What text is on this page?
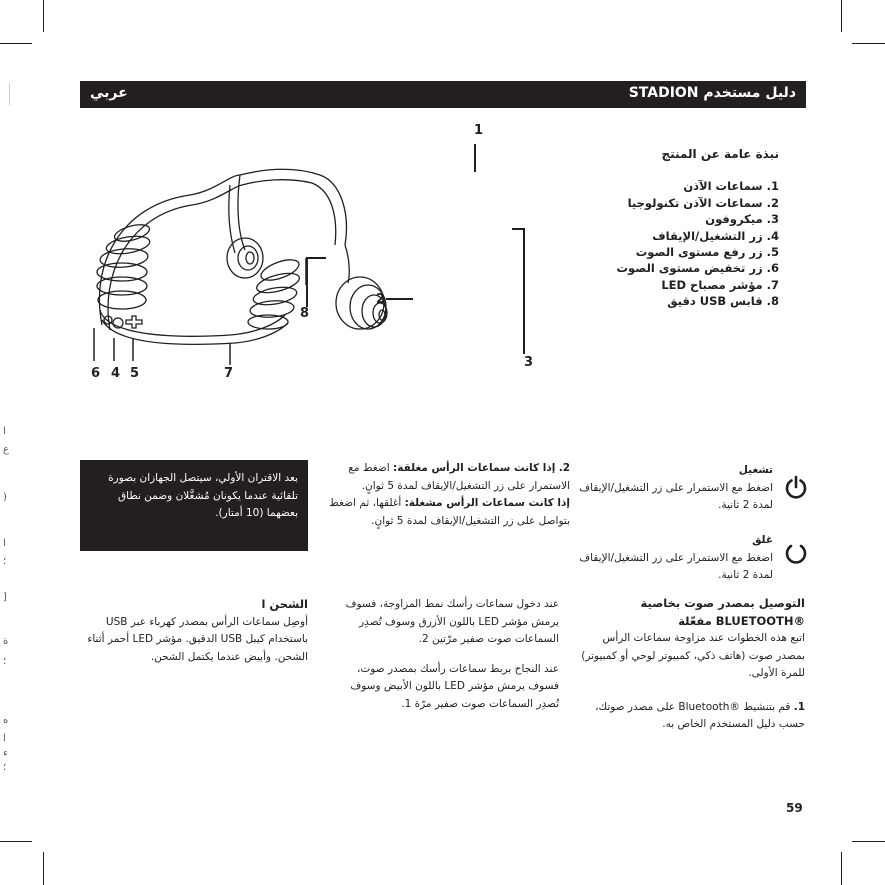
ا
ع
)
ا
؛
]
ة
؛
ه
ا
ء
؛
عربي	دليل مستخدم STADION
1
2
3
4 5
6	7
8
نبذة عامة عن المنتج
1. سماعات الآذن
2. سماعات الآذن تكنولوجيا
3. ميكروفون
4. زر التشغيل/الإيقاف
5. زر رفع مستوى الصوت
6. زر تخفيض مستوى الصوت
7. مؤشر مصباح LED
8. قابس USB دقيق

بعد الاقتران الأولي، سيتصل الجهازان بصورة تلقائية عندما يكونان مُشغَّلان وضمن نطاق بعضهما (10 أمتار).

تشغيل
اضغط مع الاستمرار على زر التشغيل/الإيقاف لمدة 2 ثانية.
غلق
اضغط مع الاستمرار على زر التشغيل/الإيقاف لمدة 2 ثانية.
التوصيل بمصدر صوت بخاصية
®BLUETOOTH مفعّلة
اتبع هذه الخطوات عند مزاوجة سماعات الرأس بمصدر صوت (هاتف ذكي، كمبيوتر لوحي أو كمبيوتر) للمرة الأولى.
1. قم بتنشيط ®Bluetooth على مصدر صوتك، حسب دليل المستخدم الخاص به.
2. إذا كانت سماعات الرأس مغلقة: اضغط مع الاستمرار على زر التشغيل/الإيقاف لمدة 5 ثوانٍ.
إذا كانت سماعات الرأس مشغلة: أغلقها، ثم اضغط بتواصل على زر التشغيل/الإيقاف لمدة 5 ثوانٍ.
عند دخول سماعات رأسك نمط المزاوجة، فسوف يرمش مؤشر LED باللون الأزرق وسوف تُصدِر السماعات صوت صفير مرّتين 2.
عند النجاح بربط سماعات رأسك بمصدر صوت، فسوف يرمش مؤشر LED باللون الأبيض وسوف تُصدِر السماعات صوت صفير مرّة 1.
الشحن ا
أوصِل سماعات الرأس بمصدر كهرباء عبر USB باستخدام كيبل USB الدقيق. مؤشر LED أحمر أثناء الشحن. وأبيض عندما يكتمل الشحن.
59
